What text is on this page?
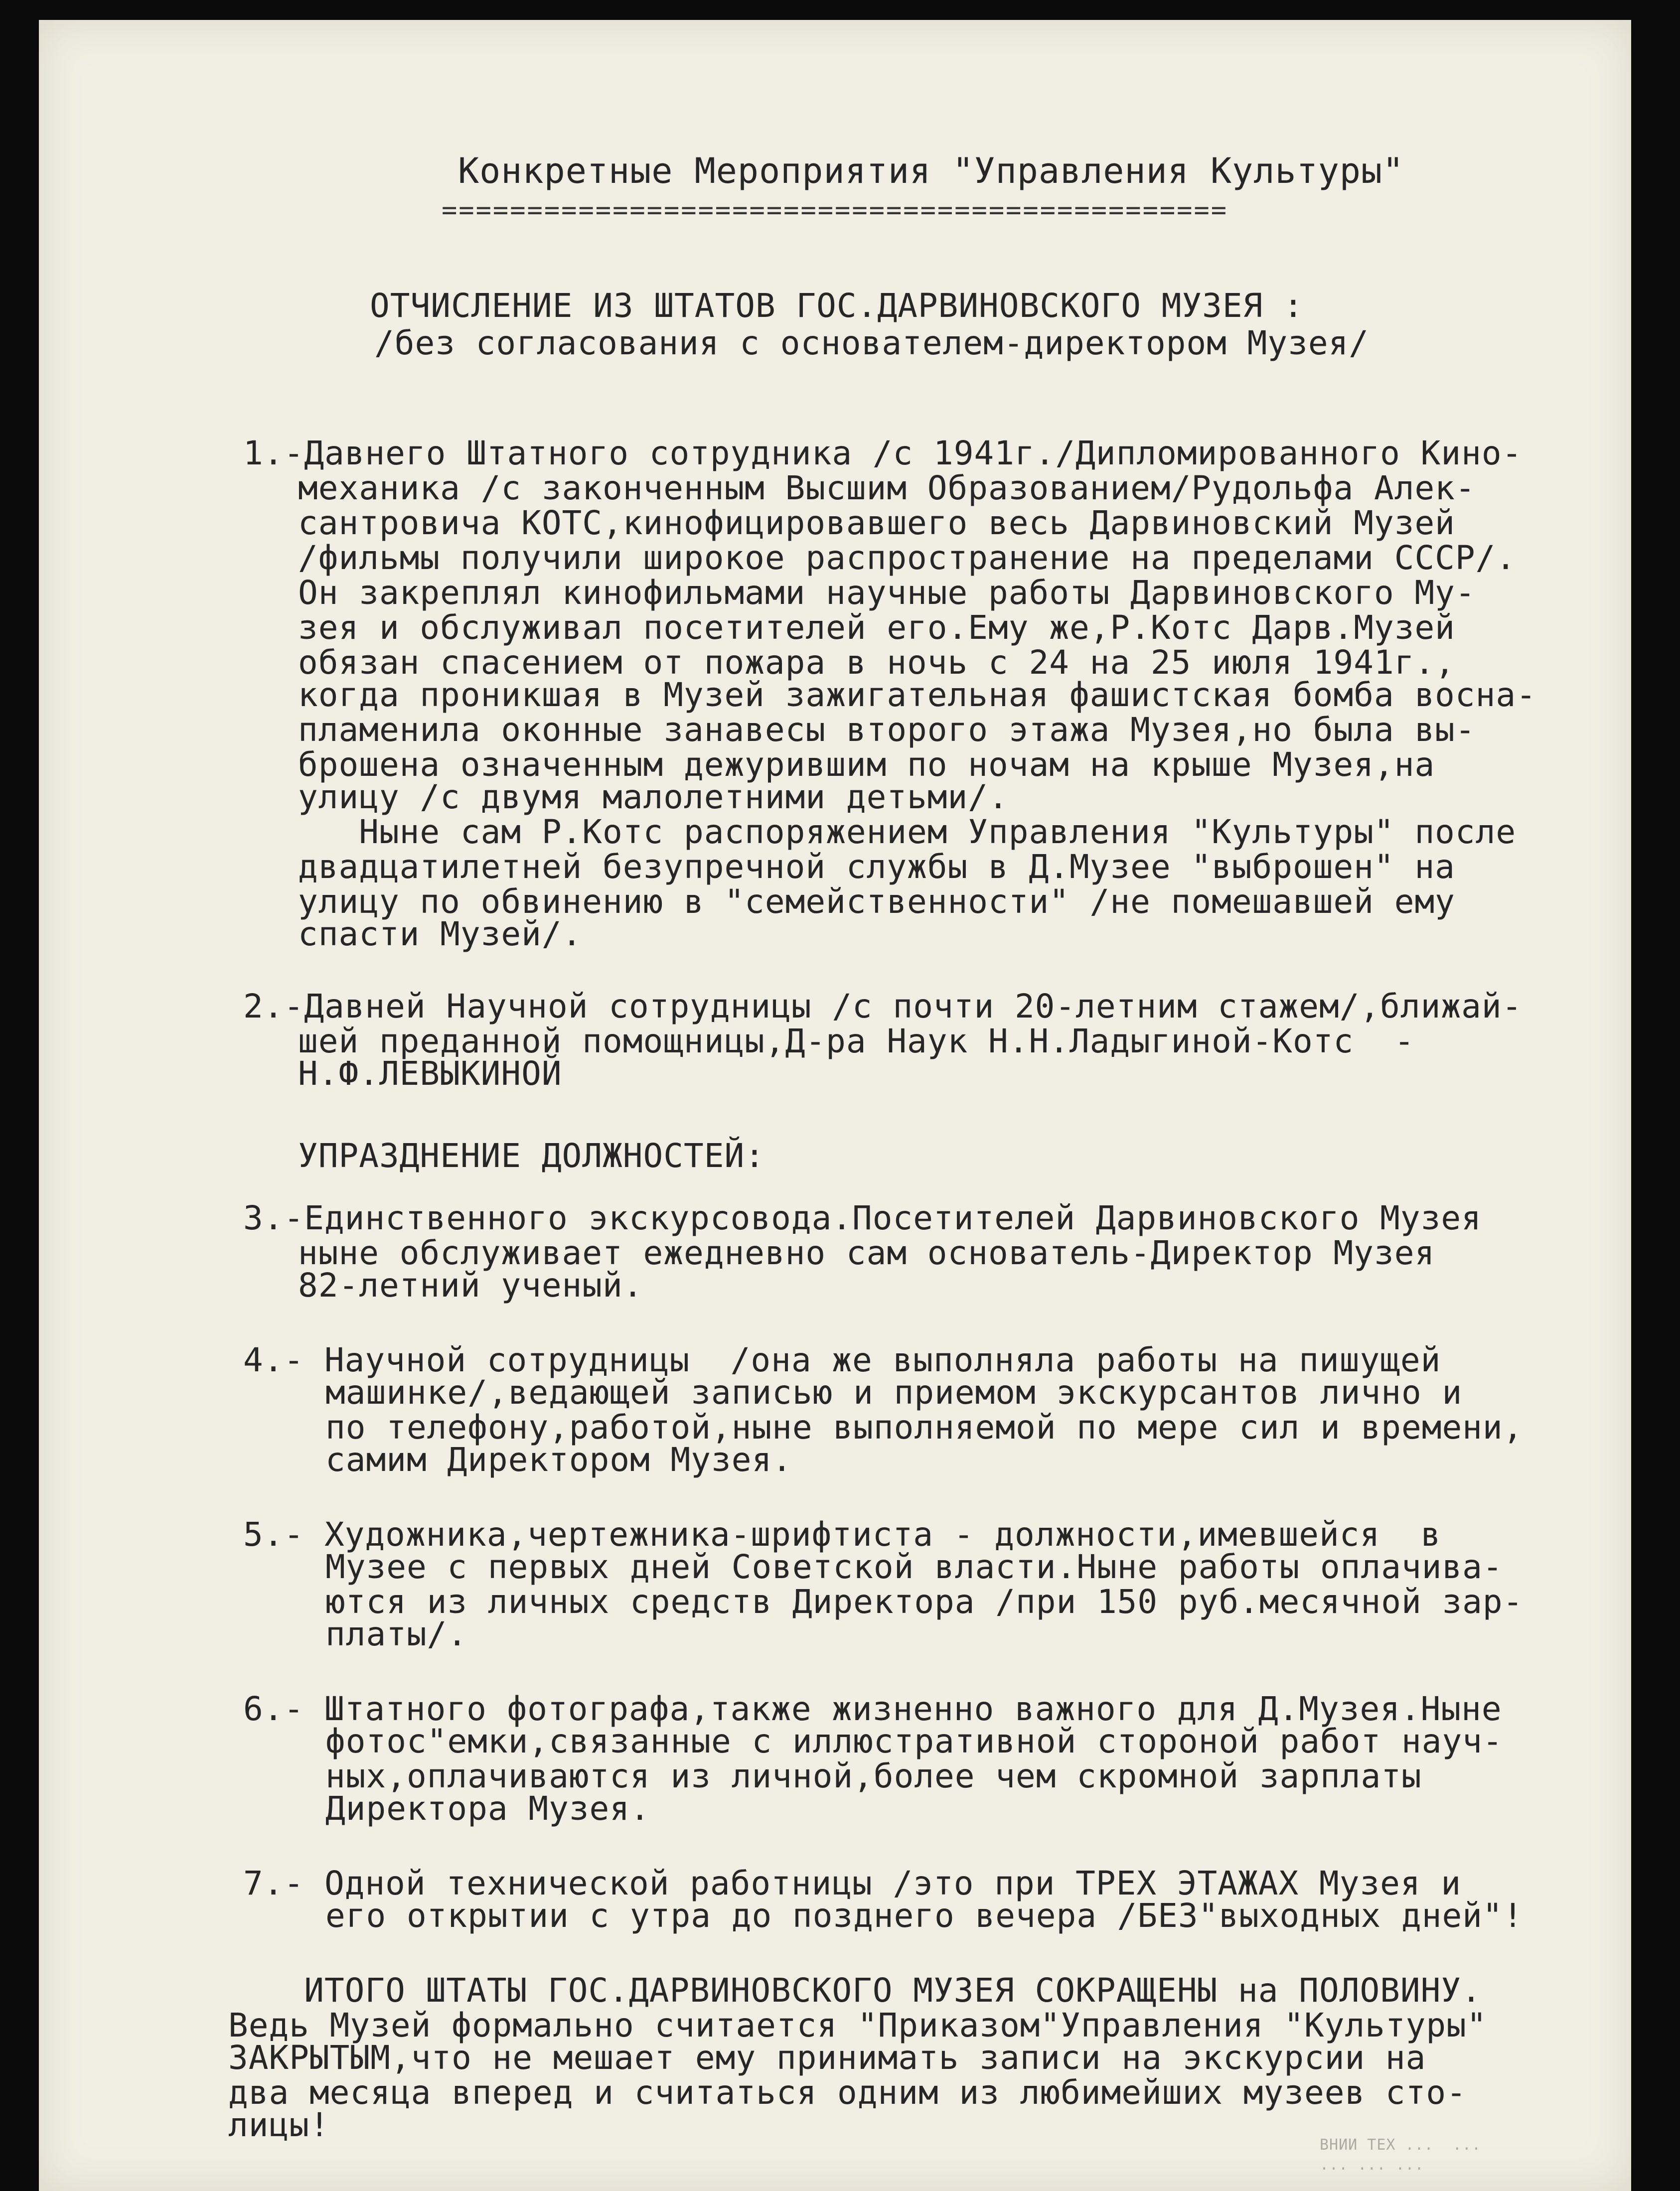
Конкретные Мероприятия "Управления Культуры"
==============================================
ОТЧИСЛЕНИЕ ИЗ ШТАТОВ ГОС.ДАРВИНОВСКОГО МУЗЕЯ :
/без согласования с основателем-директором Музея/
1.-Давнего Штатного сотрудника /с 1941г./Дипломированного Кино-
механика /с законченным Высшим Образованием/Рудольфа Алек-
сантровича КОТС,кинофицировавшего весь Дарвиновский Музей
/фильмы получили широкое распространение на пределами СССР/.
Он закреплял кинофильмами научные работы Дарвиновского Му-
зея и обслуживал посетителей его.Ему же,Р.Котс Дарв.Музей
обязан спасением от пожара в ночь с 24 на 25 июля 1941г.,
когда проникшая в Музей зажигательная фашистская бомба восна-
пламенила оконные занавесы второго этажа Музея,но была вы-
брошена означенным дежурившим по ночам на крыше Музея,на
улицу /с двумя малолетними детьми/.
Ныне сам Р.Котс распоряжением Управления "Культуры" после
двадцатилетней безупречной службы в Д.Музее "выброшен" на
улицу по обвинению в "семейственности" /не помешавшей ему
спасти Музей/.
2.-Давней Научной сотрудницы /с почти 20-летним стажем/,ближай-
шей преданной помощницы,Д-ра Наук Н.Н.Ладыгиной-Котс  -
Н.Ф.ЛЕВЫКИНОЙ
УПРАЗДНЕНИЕ ДОЛЖНОСТЕЙ:
3.-Единственного экскурсовода.Посетителей Дарвиновского Музея
ныне обслуживает ежедневно сам основатель-Директор Музея
82-летний ученый.
4.- Научной сотрудницы  /она же выполняла работы на пишущей
машинке/,ведающей записью и приемом экскурсантов лично и
по телефону,работой,ныне выполняемой по мере сил и времени,
самим Директором Музея.
5.- Художника,чертежника-шрифтиста - должности,имевшейся  в
Музее с первых дней Советской власти.Ныне работы оплачива-
ются из личных средств Директора /при 150 руб.месячной зар-
платы/.
6.- Штатного фотографа,также жизненно важного для Д.Музея.Ныне
фотос"емки,связанные с иллюстративной стороной работ науч-
ных,оплачиваются из личной,более чем скромной зарплаты
Директора Музея.
7.- Одной технической работницы /это при ТРЕХ ЭТАЖАХ Музея и
его открытии с утра до позднего вечера /БЕЗ"выходных дней"!
ИТОГО ШТАТЫ ГОС.ДАРВИНОВСКОГО МУЗЕЯ СОКРАЩЕНЫ на ПОЛОВИНУ.
Ведь Музей формально считается "Приказом"Управления "Культуры"
ЗАКРЫТЫМ,что не мешает ему принимать записи на экскурсии на
два месяца вперед и считаться одним из любимейших музеев сто-
лицы!
ВНИИ ТЕХ ...  ...
... ... ...
